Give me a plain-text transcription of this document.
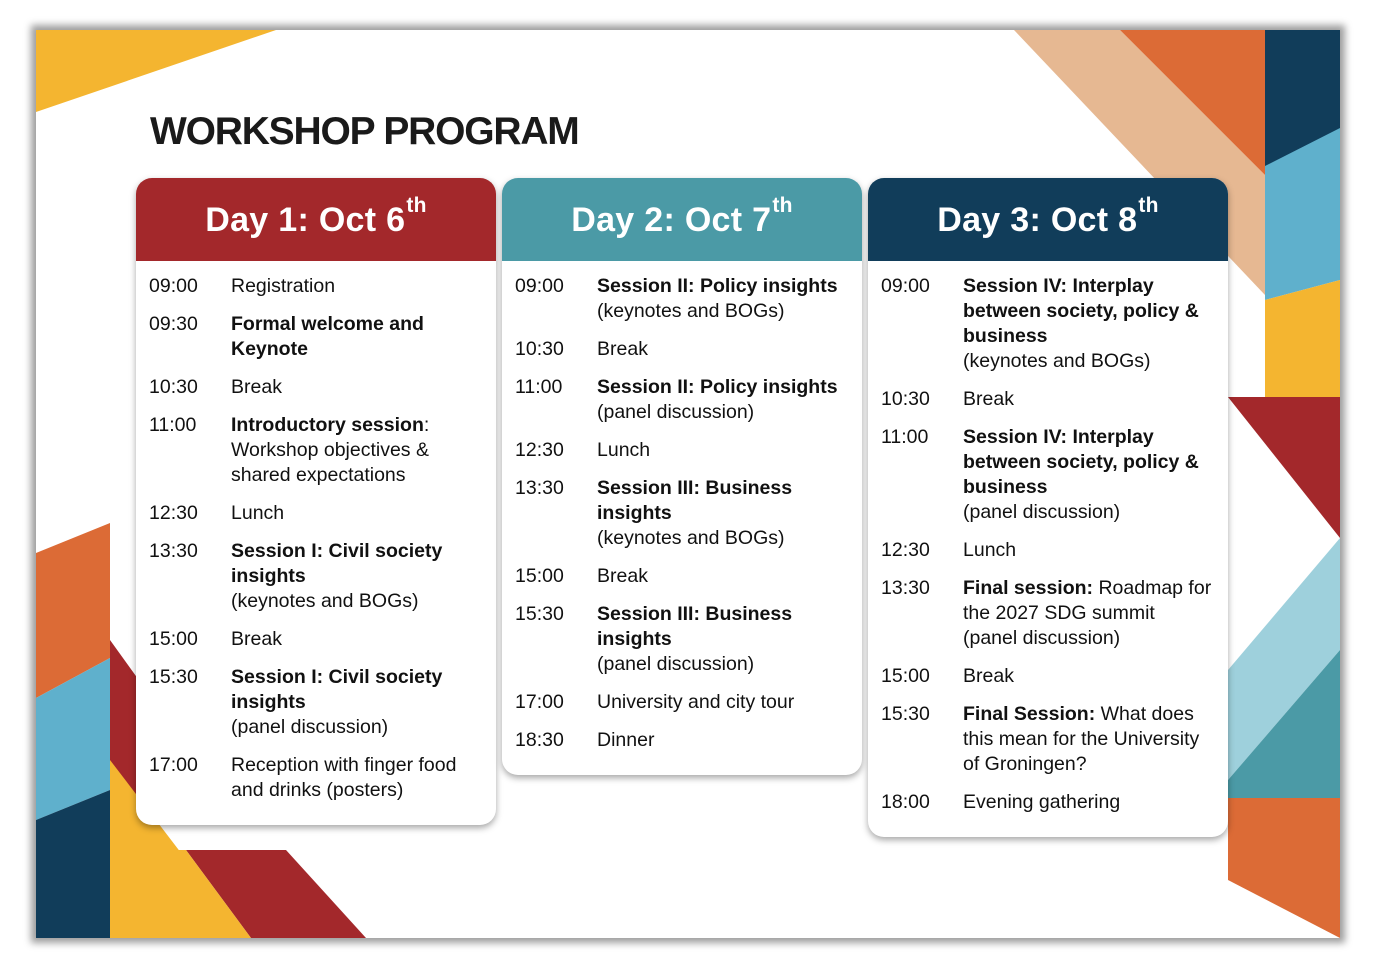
WORKSHOP PROGRAM
Day 1: Oct 6th
09:00	Registration
09:30	Formal welcome and Keynote
10:30	Break
11:00	Introductory session: Workshop objectives & shared expectations
12:30	Lunch
13:30	Session I: Civil society insights
(keynotes and BOGs)
15:00	Break
15:30	Session I: Civil society insights
(panel discussion)
17:00	Reception with finger food and drinks (posters)
Day 2: Oct 7th
09:00	Session II: Policy insights
(keynotes and BOGs)
10:30	Break
11:00	Session II: Policy insights
(panel discussion)
12:30	Lunch
13:30	Session III: Business insights
(keynotes and BOGs)
15:00	Break
15:30	Session III: Business insights
(panel discussion)
17:00	University and city tour
18:30	Dinner
Day 3: Oct 8th
09:00	Session IV: Interplay between society, policy & business
(keynotes and BOGs)
10:30	Break
11:00	Session IV: Interplay between society, policy & business
(panel discussion)
12:30	Lunch
13:30	Final session: Roadmap for the 2027 SDG summit
(panel discussion)
15:00	Break
15:30	Final Session: What does this mean for the University of Groningen?
18:00	Evening gathering
